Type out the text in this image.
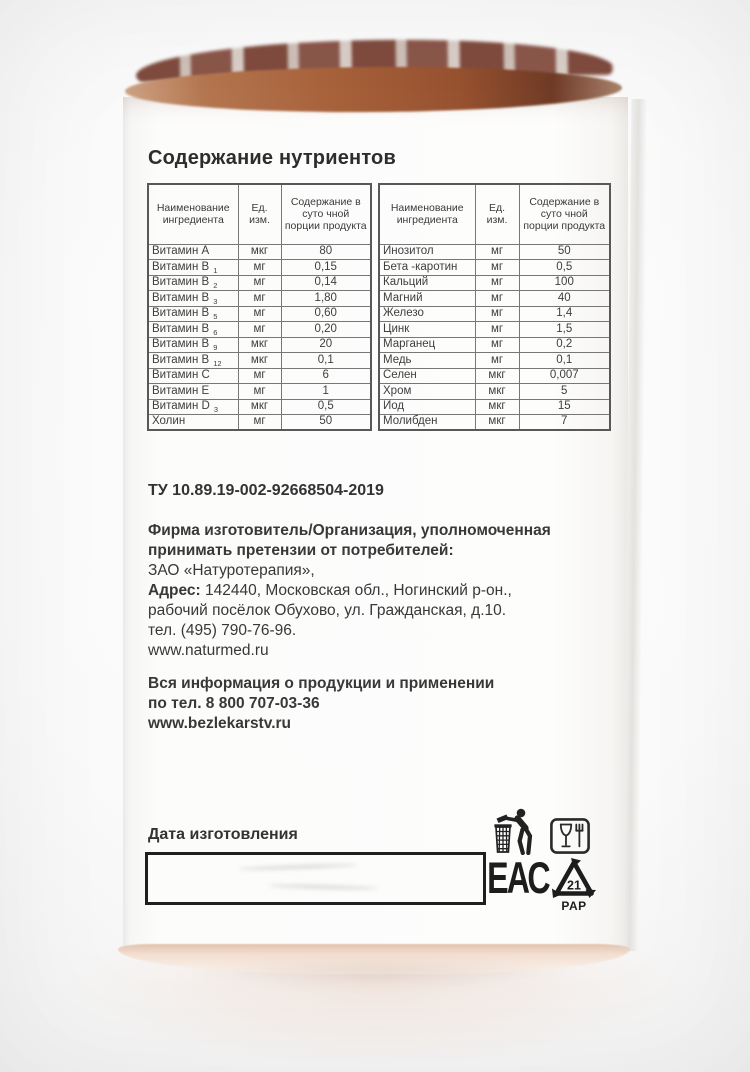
Содержание нутриентов
Наименование ингредиента	Ед. изм.	Содержание в суто чной порции продукта
Витамин А	мкг	80
Витамин В $_1$	мг	0,15
Витамин В $_2$	мг	0,14
Витамин В $_3$	мг	1,80
Витамин В $_5$	мг	0,60
Витамин В $_6$	мг	0,20
Витамин В $_9$	мкг	20
Витамин В $_{12}$	мкг	0,1
Витамин С	мг	6
Витамин Е	мг	1
Витамин D $_3$	мкг	0,5
Холин	мг	50
Наименование ингредиента	Ед. изм.	Содержание в суто чной порции продукта
Инозитол	мг	50
Бета -каротин	мг	0,5
Кальций	мг	100
Магний	мг	40
Железо	мг	1,4
Цинк	мг	1,5
Марганец	мг	0,2
Медь	мг	0,1
Селен	мкг	0,007
Хром	мкг	5
Йод	мкг	15
Молибден	мкг	7
ТУ 10.89.19-002-92668504-2019
Фирма изготовитель/Организация, уполномоченная
принимать претензии от потребителей:
ЗАО «Натуротерапия»,
Адрес: 142440, Московская обл., Ногинский р-он.,
рабочий посёлок Обухово, ул. Гражданская, д.10.
тел. (495) 790-76-96.
www.naturmed.ru
Вся информация о продукции и применении
по тел. 8 800 707-03-36
www.bezlekarstv.ru
Дата изготовления
ЕАС 21
PAP
